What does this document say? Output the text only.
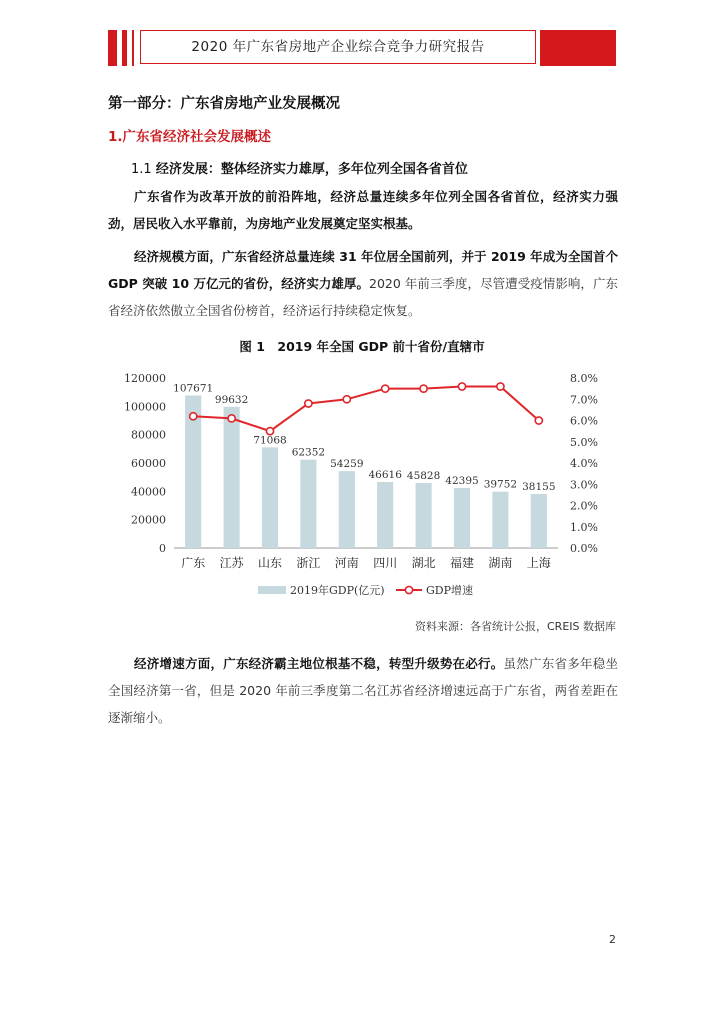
2020 年广东省房地产企业综合竞争力研究报告
第一部分：广东省房地产业发展概况
1.广东省经济社会发展概述
1.1 经济发展：整体经济实力雄厚，多年位列全国各省首位
广东省作为改革开放的前沿阵地，经济总量连续多年位列全国各省首位，经济实力强劲，居民收入水平靠前，为房地产业发展奠定坚实根基。
经济规模方面，广东省经济总量连续 31 年位居全国前列，并于 2019 年成为全国首个 GDP 突破 10 万亿元的省份，经济实力雄厚。2020 年前三季度，尽管遭受疫情影响，广东省经济依然傲立全国省份榜首，经济运行持续稳定恢复。
图 1　2019 年全国 GDP 前十省份/直辖市
0
20000
40000
60000
80000
100000
120000
0.0%
1.0%
2.0%
3.0%
4.0%
5.0%
6.0%
7.0%
8.0%
107671
广东
99632
江苏
71068
山东
62352
浙江
54259
河南
46616
四川
45828
湖北
42395
福建
39752
湖南
38155
上海
2019年GDP(亿元)	GDP增速
资料来源：各省统计公报，CREIS 数据库
经济增速方面，广东经济霸主地位根基不稳，转型升级势在必行。虽然广东省多年稳坐全国经济第一省，但是 2020 年前三季度第二名江苏省经济增速远高于广东省，两省差距在逐渐缩小。
2
